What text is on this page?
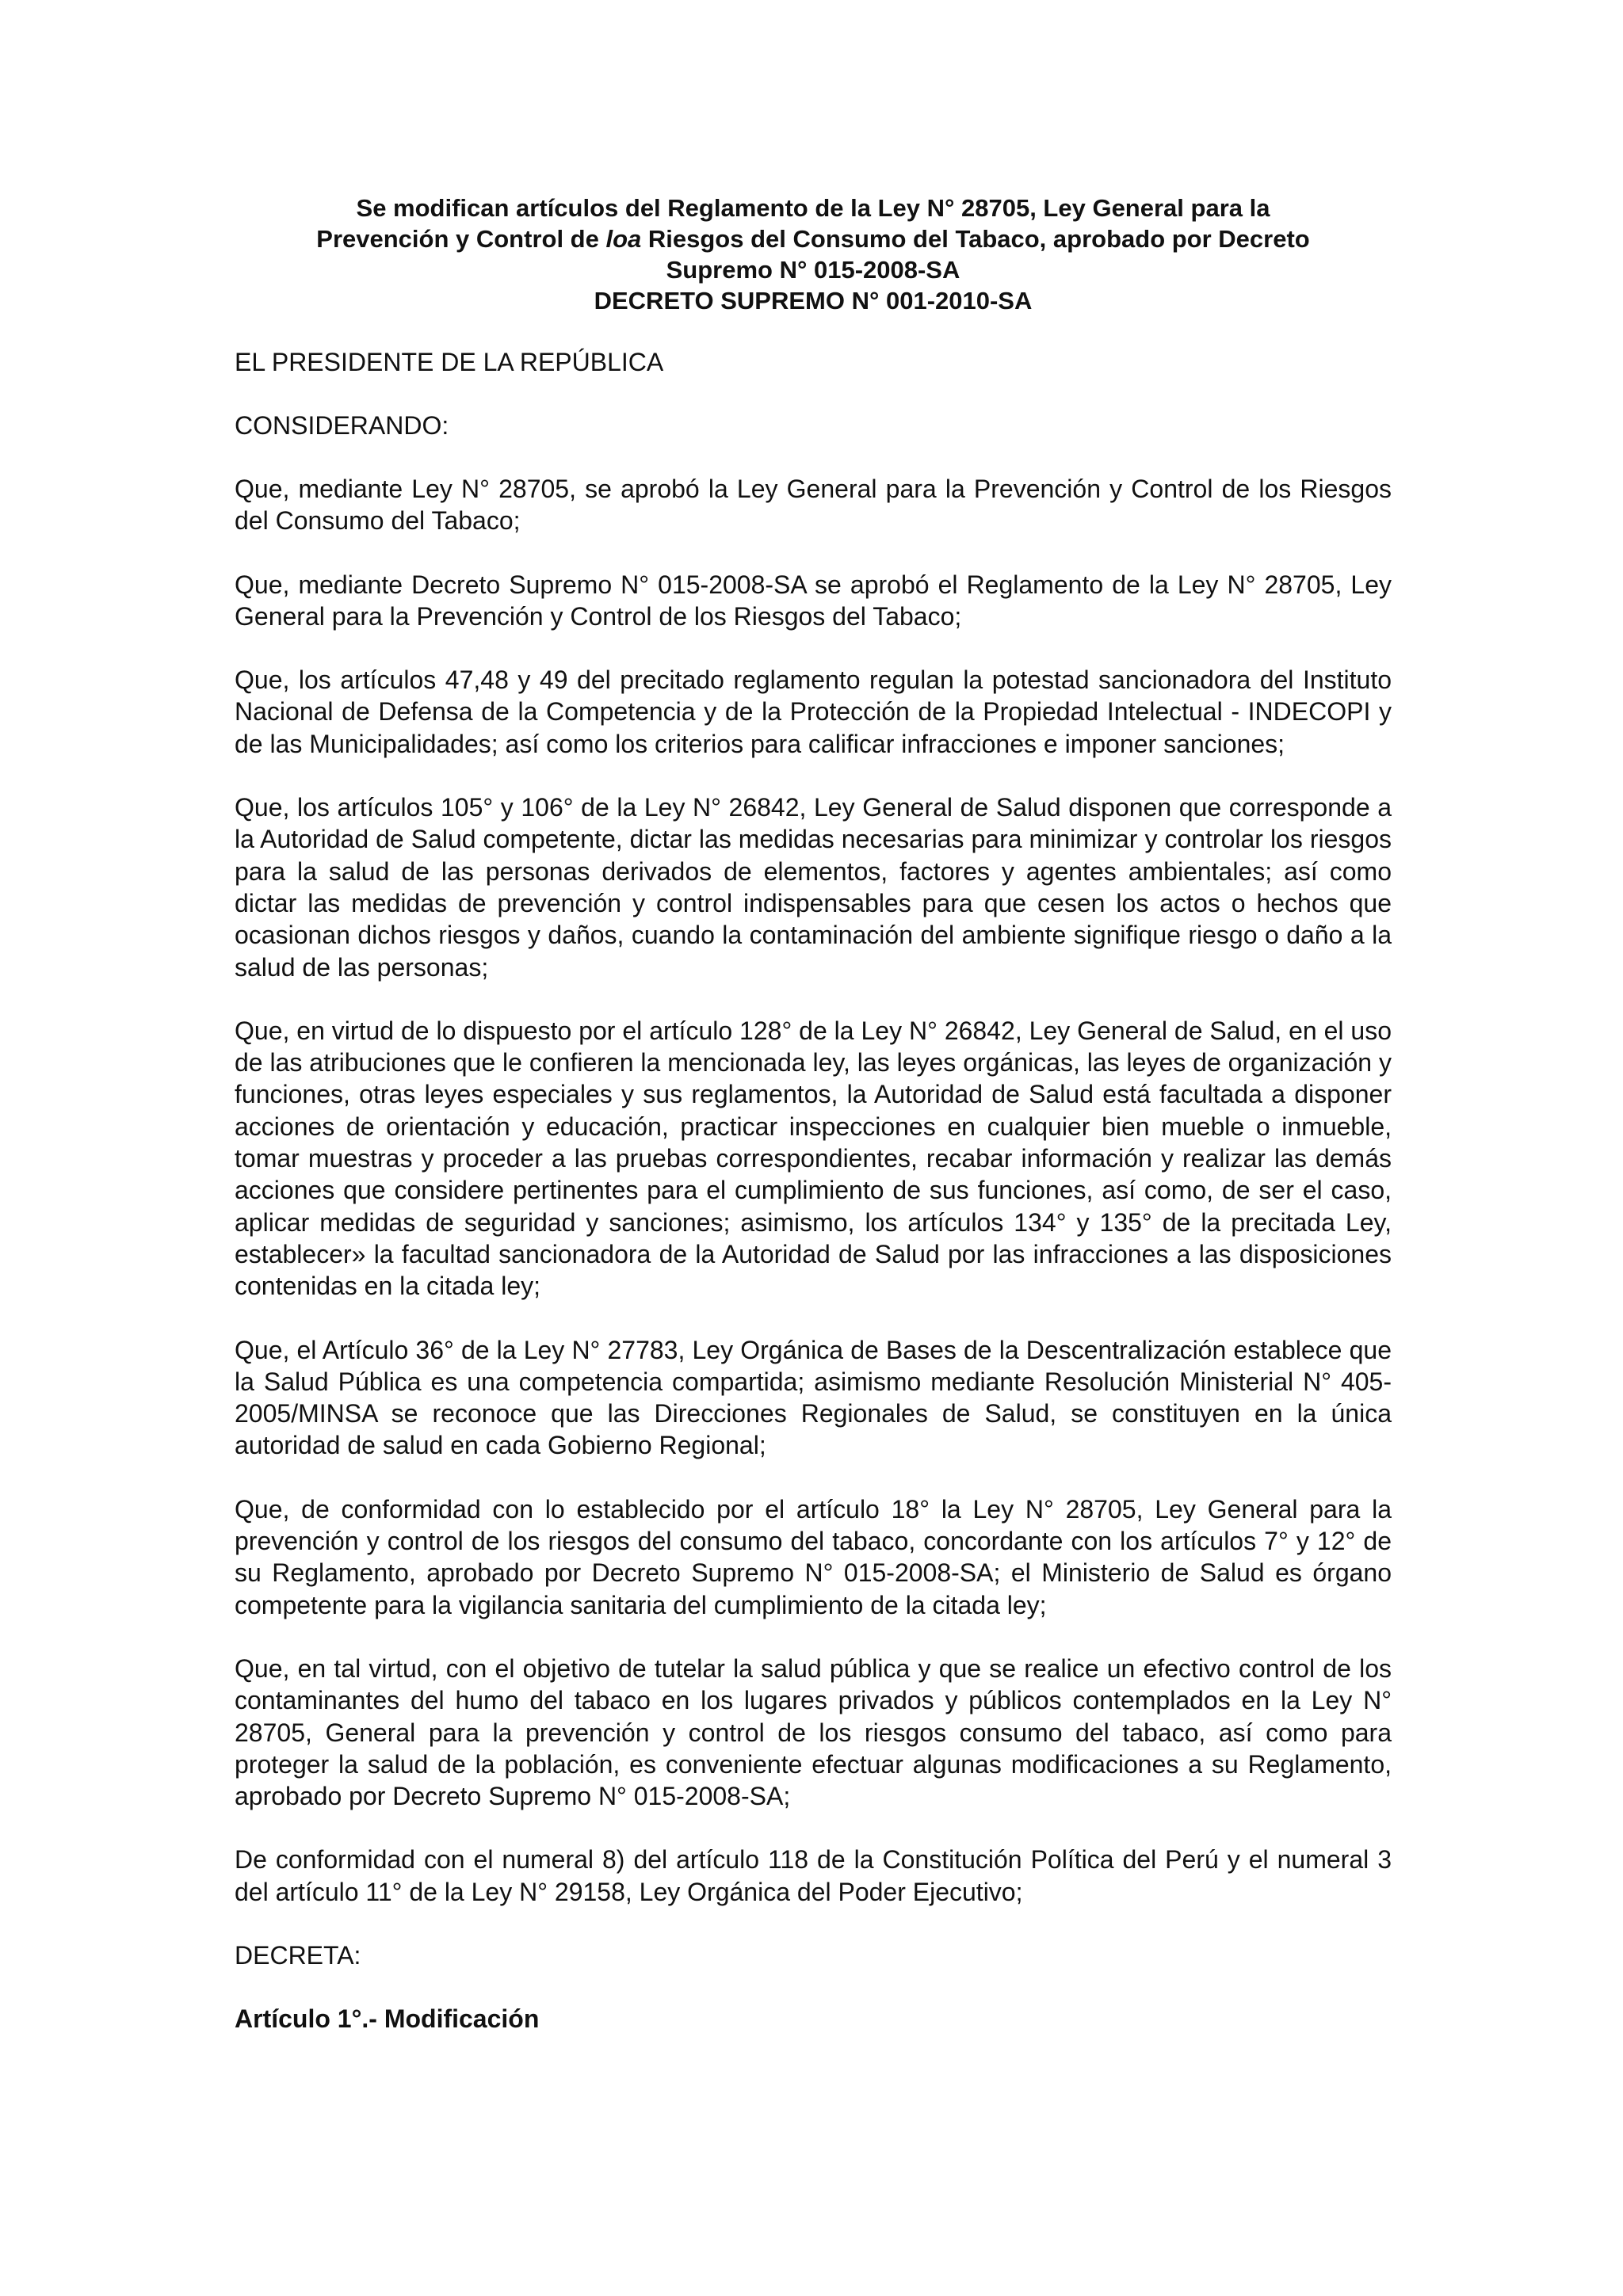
Se modifican artículos del Reglamento de la Ley N° 28705, Ley General para la
Prevención y Control de loa Riesgos del Consumo del Tabaco, aprobado por Decreto
Supremo N° 015-2008-SA
DECRETO SUPREMO N° 001-2010-SA

EL PRESIDENTE DE LA REPÚBLICA

CONSIDERANDO:

Que, mediante Ley N° 28705, se aprobó la Ley General para la Prevención y Control de los Riesgos del Consumo del Tabaco;

Que, mediante Decreto Supremo N° 015-2008-SA se aprobó el Reglamento de la Ley N° 28705, Ley General para la Prevención y Control de los Riesgos del Tabaco;

Que, los artículos 47,48 y 49 del precitado reglamento regulan la potestad sancionadora del Instituto Nacional de Defensa de la Competencia y de la Protección de la Propiedad Intelectual - INDECOPI y de las Municipalidades; así como los criterios para calificar infracciones e imponer sanciones;

Que, los artículos 105° y 106° de la Ley N° 26842, Ley General de Salud disponen que corresponde a la Autoridad de Salud competente, dictar las medidas necesarias para minimizar y controlar los riesgos para la salud de las personas derivados de elementos, factores y agentes ambientales; así como dictar las medidas de prevención y control indispensables para que cesen los actos o hechos que ocasionan dichos riesgos y daños, cuando la contaminación del ambiente signifique riesgo o daño a la salud de las personas;

Que, en virtud de lo dispuesto por el artículo 128° de la Ley N° 26842, Ley General de Salud, en el uso de las atribuciones que le confieren la mencionada ley, las leyes orgánicas, las leyes de organización y funciones, otras leyes especiales y sus reglamentos, la Autoridad de Salud está facultada a disponer acciones de orientación y educación, practicar inspecciones en cualquier bien mueble o inmueble, tomar muestras y proceder a las pruebas correspondientes, recabar información y realizar las demás acciones que considere pertinentes para el cumplimiento de sus funciones, así como, de ser el caso, aplicar medidas de seguridad y sanciones; asimismo, los artículos 134° y 135° de la precitada Ley, establecer» la facultad sancionadora de la Autoridad de Salud por las infracciones a las disposiciones contenidas en la citada ley;

Que, el Artículo 36° de la Ley N° 27783, Ley Orgánica de Bases de la Descentralización establece que la Salud Pública es una competencia compartida; asimismo mediante Resolución Ministerial N° 405-2005/MINSA se reconoce que las Direcciones Regionales de Salud, se constituyen en la única autoridad de salud en cada Gobierno Regional;

Que, de conformidad con lo establecido por el artículo 18° la Ley N° 28705, Ley General para la prevención y control de los riesgos del consumo del tabaco, concordante con los artículos 7° y 12° de su Reglamento, aprobado por Decreto Supremo N° 015-2008-SA; el Ministerio de Salud es órgano competente para la vigilancia sanitaria del cumplimiento de la citada ley;

Que, en tal virtud, con el objetivo de tutelar la salud pública y que se realice un efectivo control de los contaminantes del humo del tabaco en los lugares privados y públicos contemplados en la Ley N° 28705, General para la prevención y control de los riesgos consumo del tabaco, así como para proteger la salud de la población, es conveniente efectuar algunas modificaciones a su Reglamento, aprobado por Decreto Supremo N° 015-2008-SA;

De conformidad con el numeral 8) del artículo 118 de la Constitución Política del Perú y el numeral 3 del artículo 11° de la Ley N° 29158, Ley Orgánica del Poder Ejecutivo;

DECRETA:

Artículo 1°.- Modificación
